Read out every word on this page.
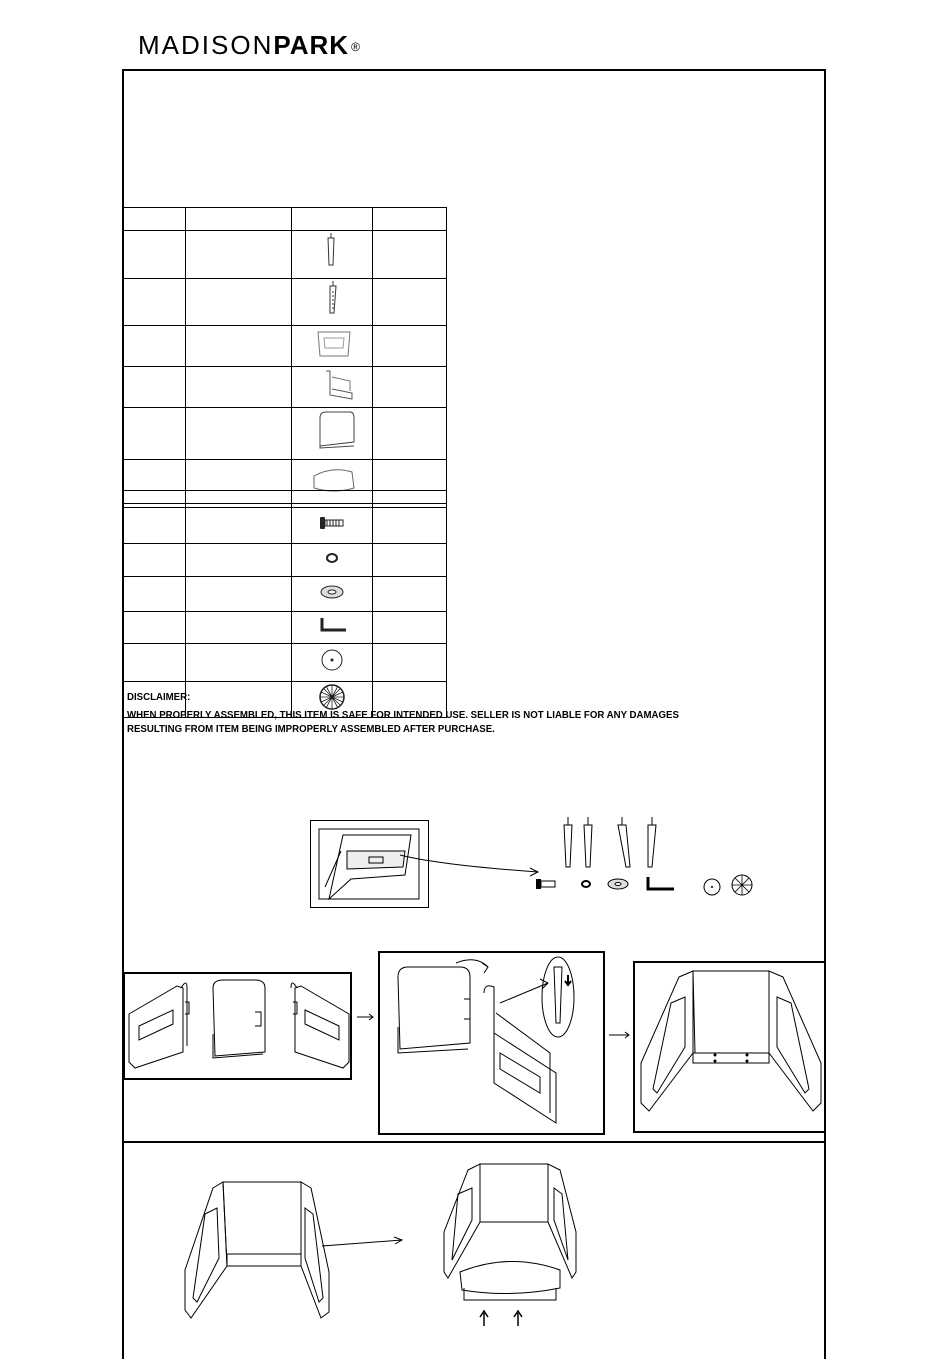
MADISONPARK ®

DISCLAIMER:
WHEN PROPERLY ASSEMBLED, THIS ITEM IS SAFE FOR INTENDED USE. SELLER IS NOT LIABLE FOR ANY DAMAGES
RESULTING FROM ITEM BEING IMPROPERLY ASSEMBLED AFTER PURCHASE.
